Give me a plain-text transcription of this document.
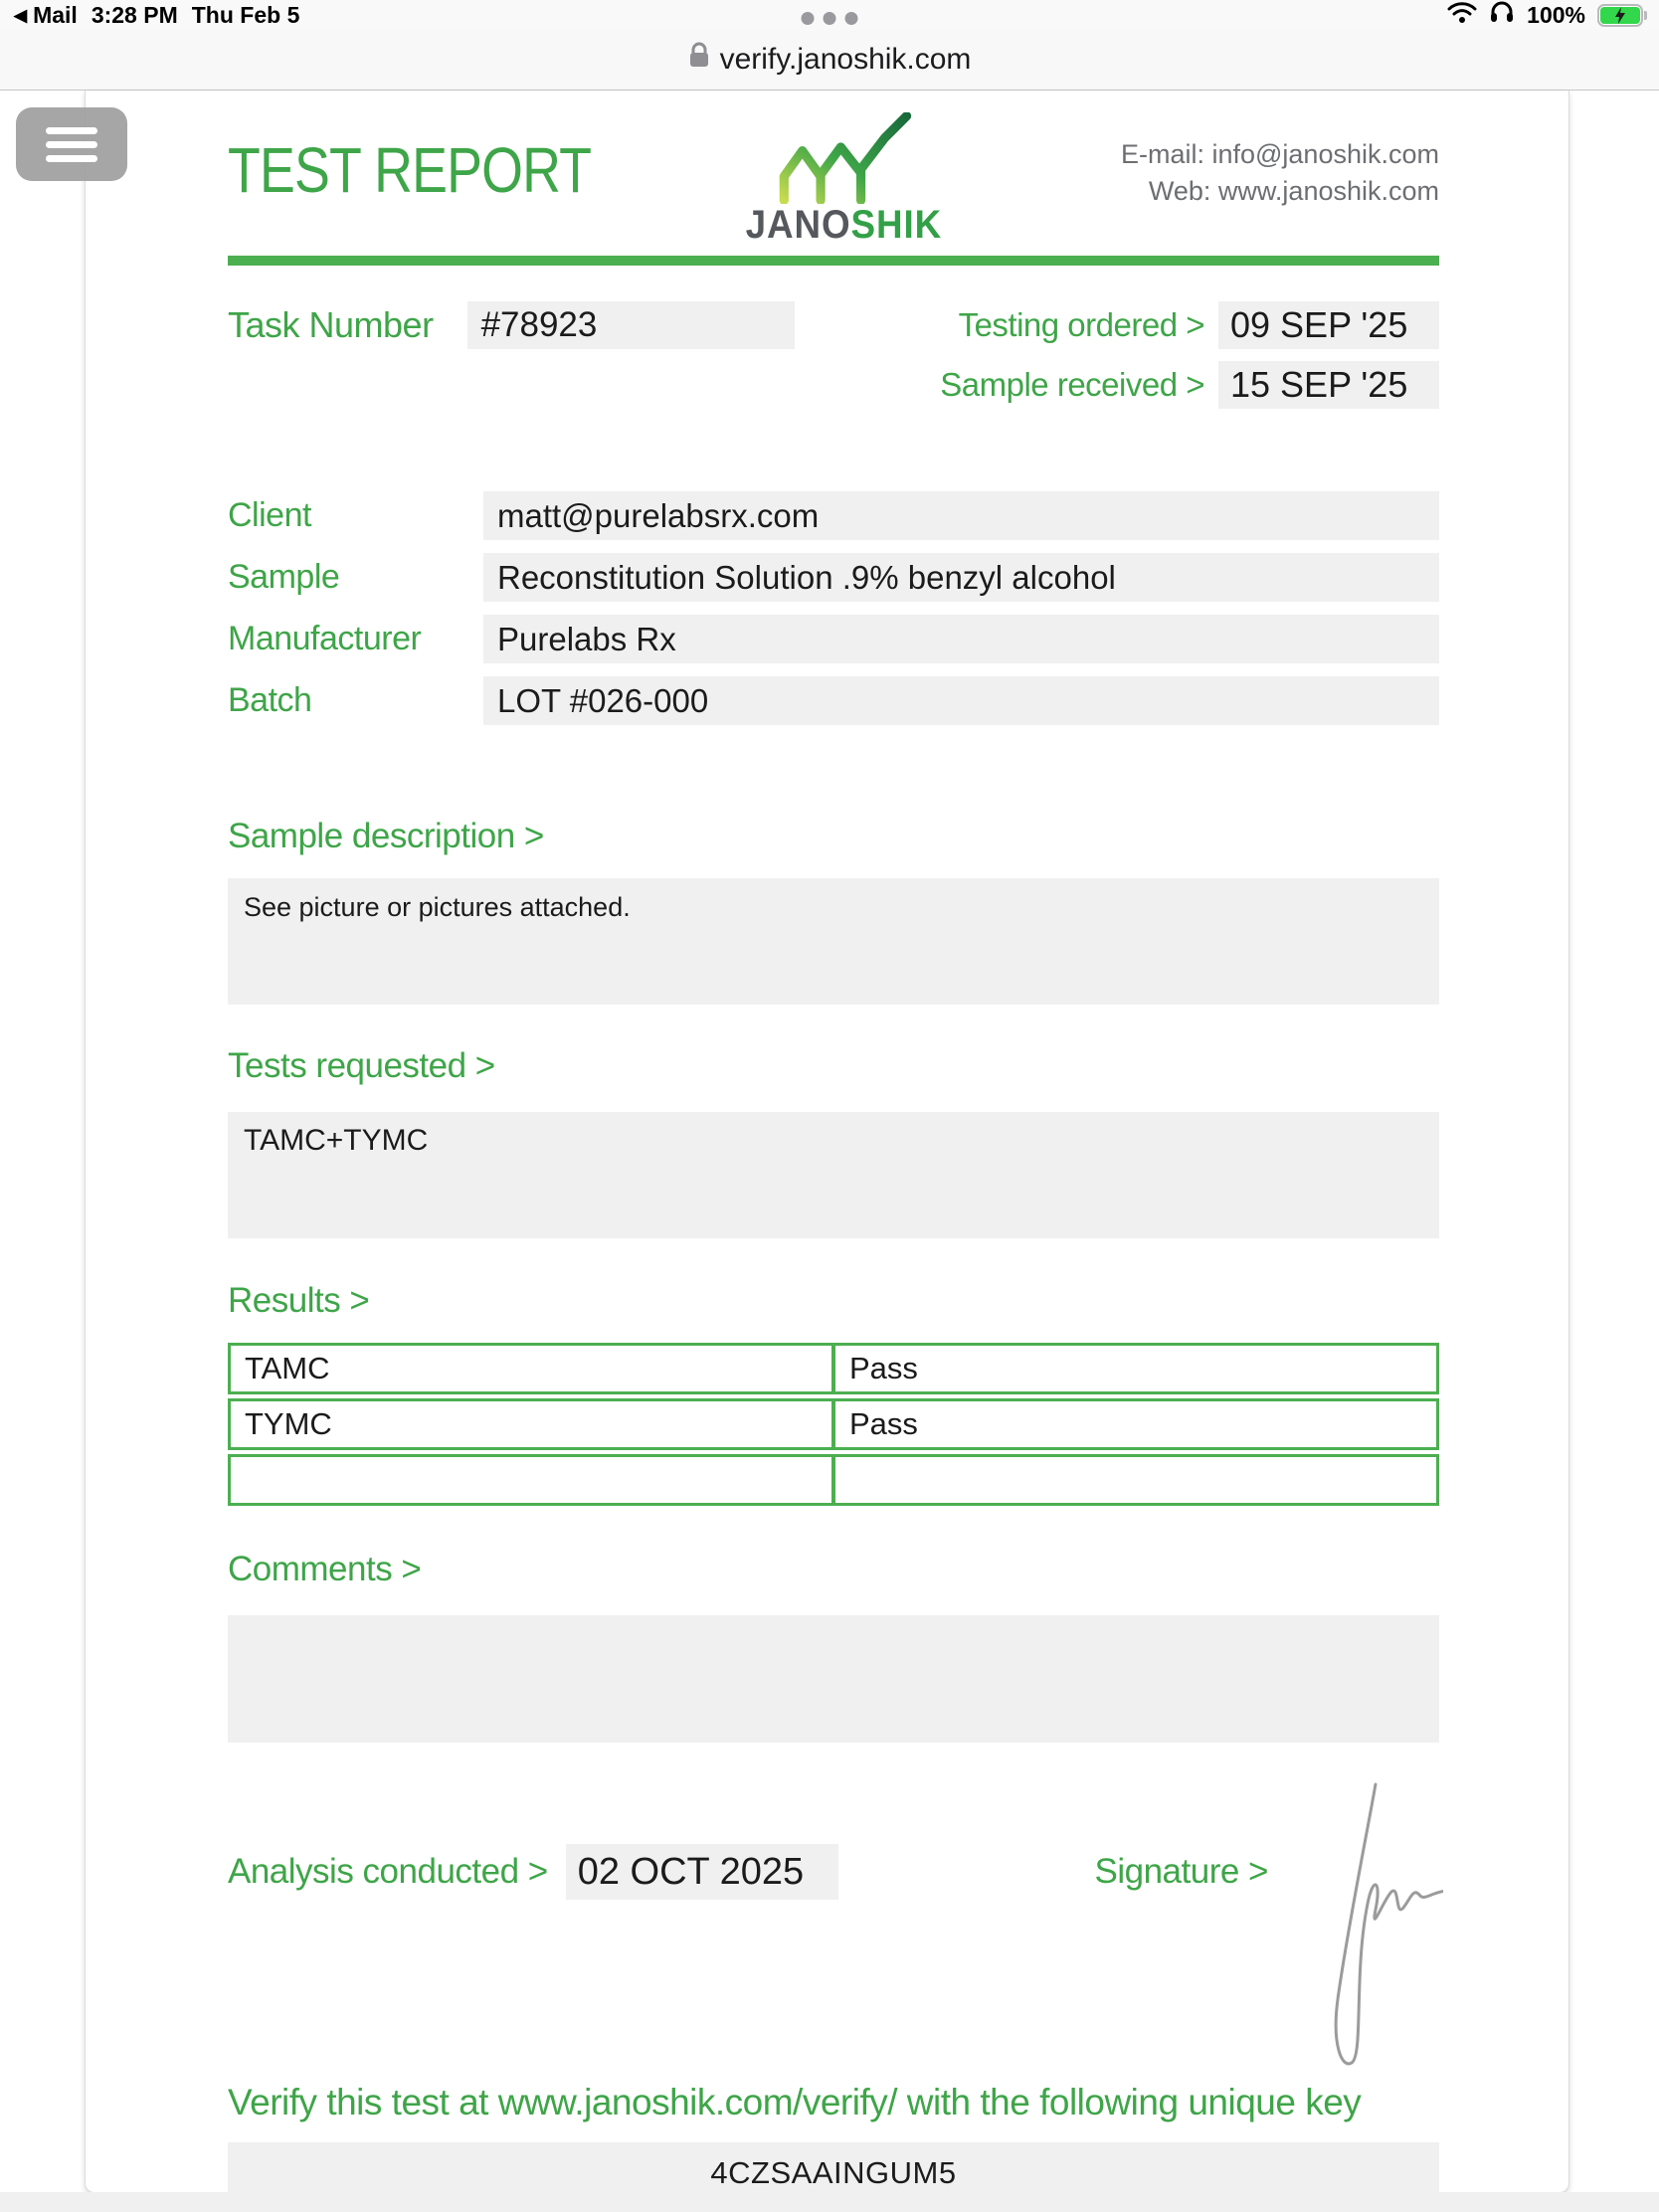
◀ Mail 3:28 PM Thu Feb 5	100%
verify.janoshik.com
TEST REPORT
JANOSHIK
E-mail: info@janoshik.com
Web: www.janoshik.com
Task Number	#78923	Testing ordered > 09 SEP '25
Sample received > 15 SEP '25
Client	matt@purelabsrx.com
Sample	Reconstitution Solution .9% benzyl alcohol
Manufacturer	Purelabs Rx
Batch	LOT #026-000
Sample description >
See picture or pictures attached.
Tests requested >
TAMC+TYMC
Results >
TAMC	Pass
TYMC	Pass

Comments >
Analysis conducted > 02 OCT 2025	Signature >
Verify this test at www.janoshik.com/verify/ with the following unique key
4CZSAAINGUM5
